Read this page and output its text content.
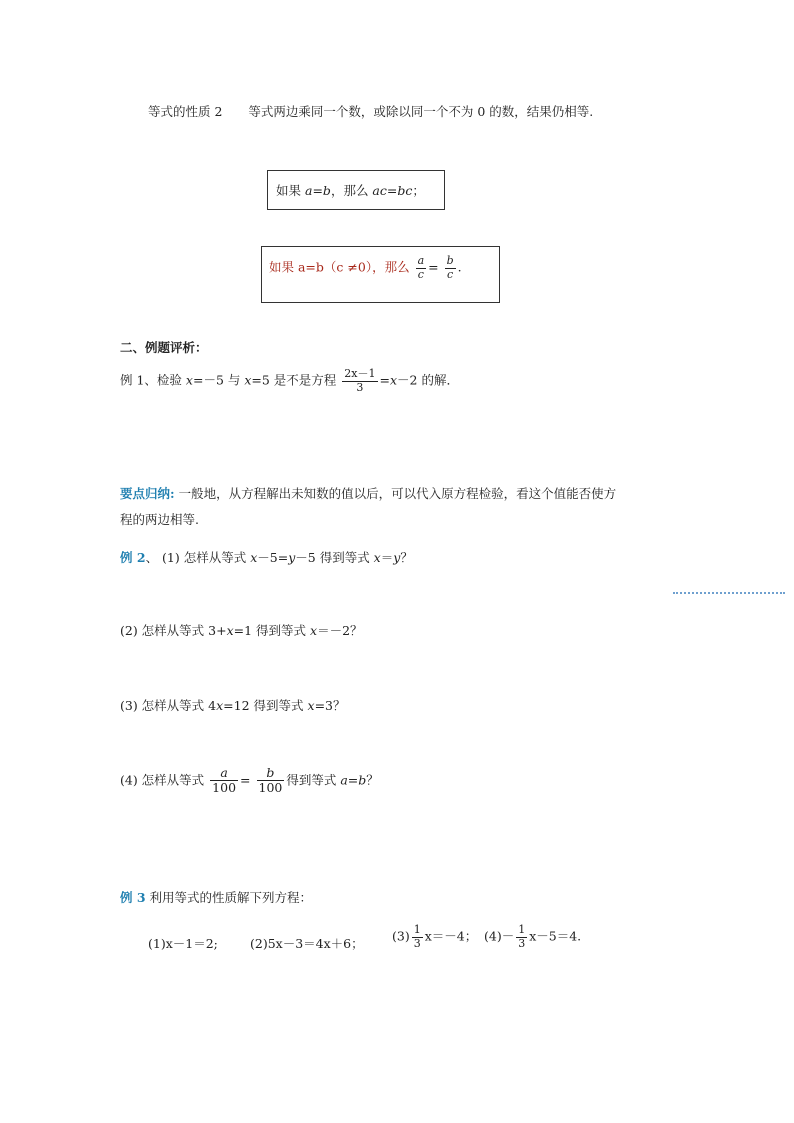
等式的性质 2 等式两边乘同一个数，或除以同一个不为 0 的数，结果仍相等.
如果 a=b，那么 ac=bc；
如果 a=b（c ≠0），那么 $\frac{a}{c} = \frac{b}{c}$ .
二、例题评析：
例 1、检验 x=－5 与 x=5 是不是方程 $\frac{2x-1}{3} =x-2$ 的解．
要点归纳: 一般地，从方程解出未知数的值以后，可以代入原方程检验，看这个值能否使方
程的两边相等.
例 2、 (1) 怎样从等式 x－5=y－5 得到等式 x＝y？
(2) 怎样从等式 3+x=1 得到等式 x＝－2？
(3) 怎样从等式 4x=12 得到等式 x=3？
(4) 怎样从等式 $\frac{a}{100} = \frac{b}{100}$ 得到等式 a=b？
例 3 利用等式的性质解下列方程：
(1)x－1＝2;	(2)5x－3＝4x＋6； $(3) \frac{1}{3} x=-4$； $(4)- \frac{1}{3} x-5=4$.
